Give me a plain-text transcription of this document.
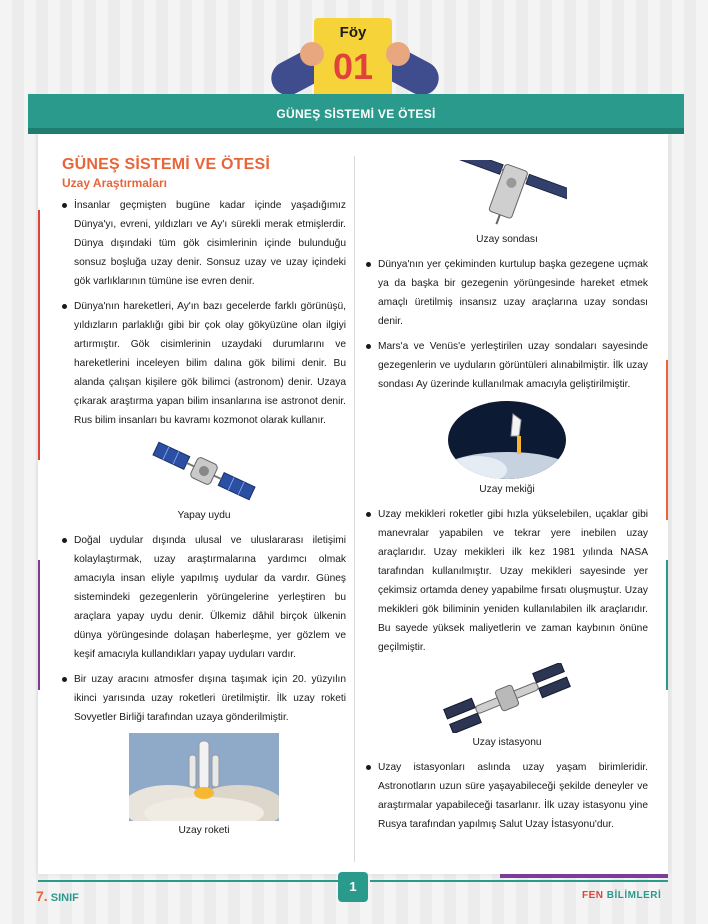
Föy
01
GÜNEŞ SİSTEMİ VE ÖTESİ
GÜNEŞ SİSTEMİ VE ÖTESİ
Uzay Araştırmaları
İnsanlar geçmişten bugüne kadar içinde yaşadığımız Dünya'yı, evreni, yıldızları ve Ay'ı sürekli merak etmişlerdir. Dünya dışındaki tüm gök cisimlerinin içinde bulunduğu sonsuz boşluğa uzay denir. Sonsuz uzay ve uzay içindeki gök varlıklarının tümüne ise evren denir.
Dünya'nın hareketleri, Ay'ın bazı gecelerde farklı görünüşü, yıldızların parlaklığı gibi bir çok olay gökyüzüne olan ilgiyi artırmıştır. Gök cisimlerinin uzaydaki durumlarını ve hareketlerini inceleyen bilim dalına gök bilimi denir. Bu alanda çalışan kişilere gök bilimci (astronom) denir. Uzaya çıkarak araştırma yapan bilim insanlarına ise astronot denir. Rus bilim insanları bu kavramı kozmonot olarak kullanır.
Yapay uydu
Doğal uydular dışında ulusal ve uluslararası iletişimi kolaylaştırmak, uzay araştırmalarına yardımcı olmak amacıyla insan eliyle yapılmış uydular da vardır. Güneş sistemindeki gezegenlerin yörüngelerine yerleştiren bu araçlara yapay uydu denir. Ülkemiz dâhil birçok ülkenin dünya yörüngesinde dolaşan haberleşme, yer gözlem ve keşif amacıyla kullandıkları yapay uyduları vardır.
Bir uzay aracını atmosfer dışına taşımak için 20. yüzyılın ikinci yarısında uzay roketleri üretilmiştir. İlk uzay roketi Sovyetler Birliği tarafından uzaya gönderilmiştir.
Uzay roketi
Uzay sondası
Dünya'nın yer çekiminden kurtulup başka gezegene uçmak ya da başka bir gezegenin yörüngesinde hareket etmek amaçlı üretilmiş insansız uzay araçlarına uzay sondası denir.
Mars'a ve Venüs'e yerleştirilen uzay sondaları sayesinde gezegenlerin ve uyduların görüntüleri alınabilmiştir. İlk uzay sondası Ay üzerinde kullanılmak amacıyla geliştirilmiştir.
Uzay mekiği
Uzay mekikleri roketler gibi hızla yükselebilen, uçaklar gibi manevralar yapabilen ve tekrar yere inebilen uzay araçlarıdır. Uzay mekikleri ilk kez 1981 yılında NASA tarafından kullanılmıştır. Uzay mekikleri sayesinde yer çekimsiz ortamda deney yapabilme fırsatı oluşmuştur. Uzay mekikleri gök biliminin yeniden kullanılabilen ilk araçlarıdır. Bu sayede yüksek maliyetlerin ve zaman kaybının önüne geçilmiştir.
Uzay istasyonu
Uzay istasyonları aslında uzay yaşam birimleridir. Astronotların uzun süre yaşayabileceği şekilde deneyler ve araştırmalar yapabileceği tasarlanır. İlk uzay istasyonu yine Rusya tarafından yapılmış Salut Uzay İstasyonu'dur.
1
7. SINIF	FEN BİLİMLERİ
